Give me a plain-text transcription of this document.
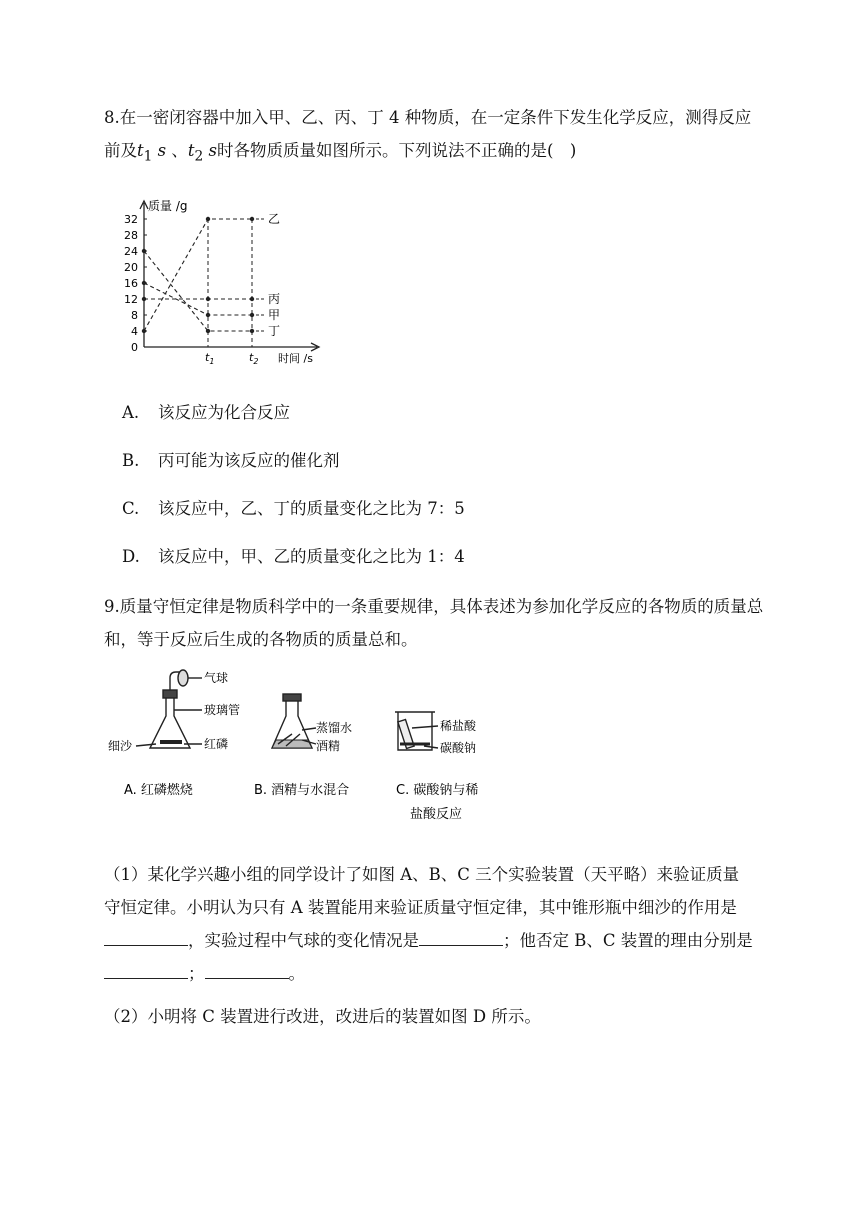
8.在一密闭容器中加入甲、乙、丙、丁 4 种物质，在一定条件下发生化学反应，测得反应前及$t_1$ s 、$t_2$ s时各物质质量如图所示。下列说法不正确的是(　)

质量 /g
时间 /s
32
28
24
20
16
12
8
4
0
乙
丙
甲
丁
$t_1$	$t_2$
A. 该反应为化合反应
B. 丙可能为该反应的催化剂
C. 该反应中，乙、丁的质量变化之比为 7：5
D. 该反应中，甲、乙的质量变化之比为 1：4

9.质量守恒定律是物质科学中的一条重要规律，具体表述为参加化学反应的各物质的质量总和，等于反应后生成的各物质的质量总和。

气球
玻璃管
细沙	红磷
蒸馏水
酒精
稀盐酸
碳酸钠
A. 红磷燃烧	B. 酒精与水混合	C. 碳酸钠与稀
盐酸反应

（1）某化学兴趣小组的同学设计了如图 A、B、C 三个实验装置（天平略）来验证质量守恒定律。小明认为只有 A 装置能用来验证质量守恒定律，其中锥形瓶中细沙的作用是，实验过程中气球的变化情况是	；他否定 B、C 装置的理由分别是；	。

（2）小明将 C 装置进行改进，改进后的装置如图 D 所示。
